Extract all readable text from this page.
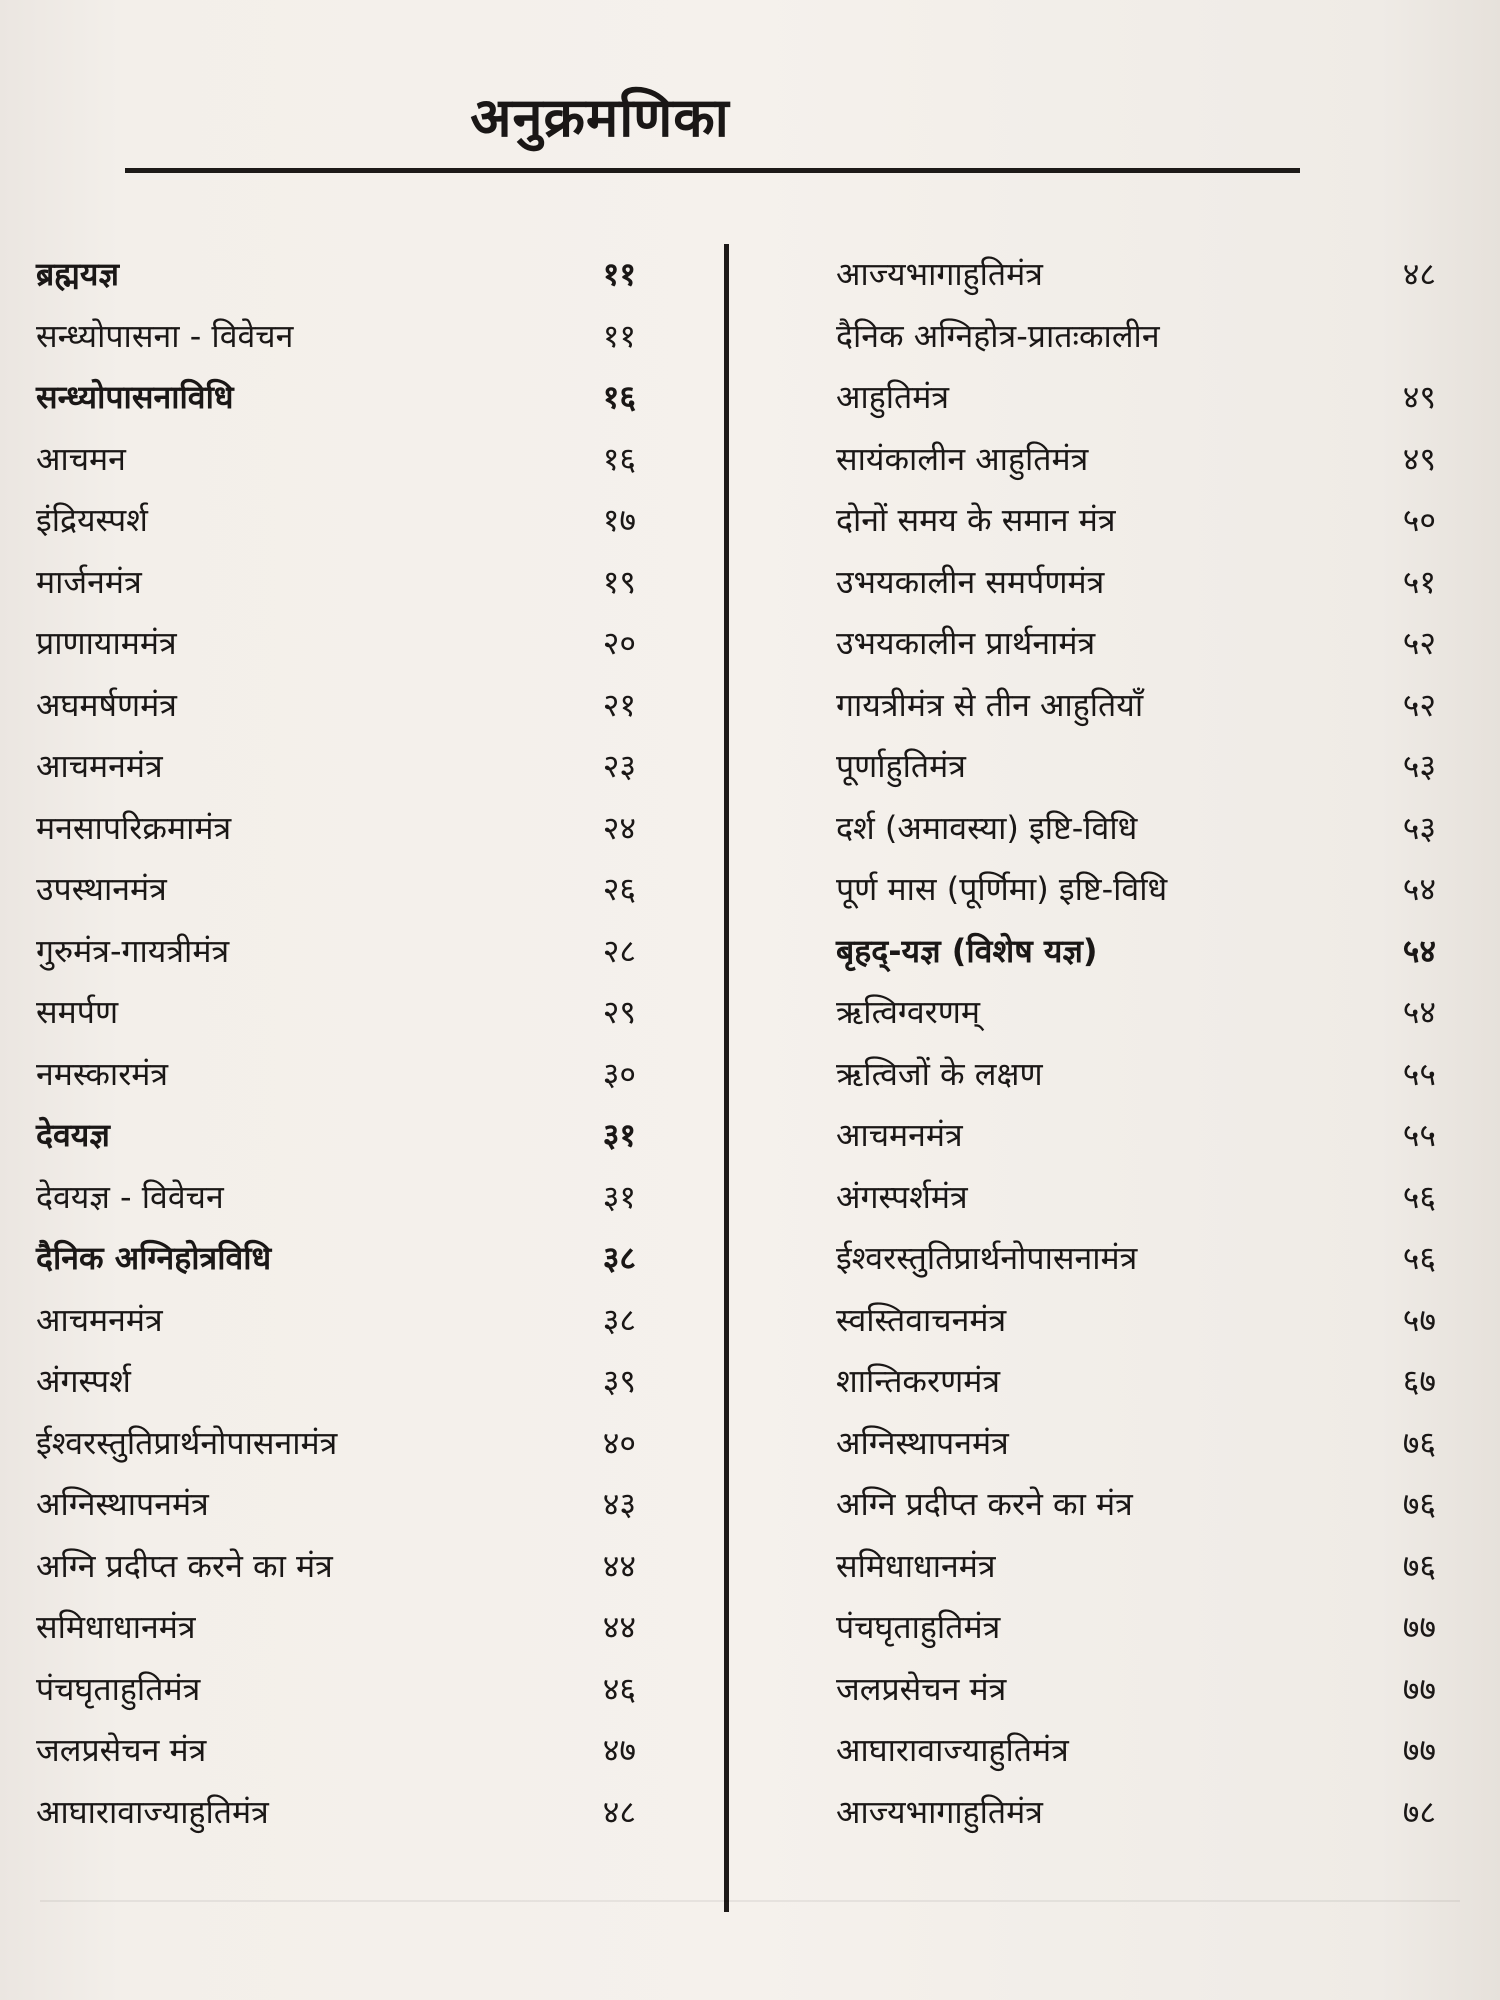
अनुक्रमणिका
ब्रह्मयज्ञ	११
सन्ध्योपासना - विवेचन	११
सन्ध्योपासनाविधि	१६
आचमन	१६
इंद्रियस्पर्श	१७
मार्जनमंत्र	१९
प्राणायाममंत्र	२०
अघमर्षणमंत्र	२१
आचमनमंत्र	२३
मनसापरिक्रमामंत्र	२४
उपस्थानमंत्र	२६
गुरुमंत्र-गायत्रीमंत्र	२८
समर्पण	२९
नमस्कारमंत्र	३०
देवयज्ञ	३१
देवयज्ञ - विवेचन	३१
दैनिक अग्निहोत्रविधि	३८
आचमनमंत्र	३८
अंगस्पर्श	३९
ईश्वरस्तुतिप्रार्थनोपासनामंत्र	४०
अग्निस्थापनमंत्र	४३
अग्नि प्रदीप्त करने का मंत्र	४४
समिधाधानमंत्र	४४
पंचघृताहुतिमंत्र	४६
जलप्रसेचन मंत्र	४७
आघारावाज्याहुतिमंत्र	४८
आज्यभागाहुतिमंत्र	४८
दैनिक अग्निहोत्र-प्रातःकालीन
आहुतिमंत्र	४९
सायंकालीन आहुतिमंत्र	४९
दोनों समय के समान मंत्र	५०
उभयकालीन समर्पणमंत्र	५१
उभयकालीन प्रार्थनामंत्र	५२
गायत्रीमंत्र से तीन आहुतियाँ	५२
पूर्णाहुतिमंत्र	५३
दर्श (अमावस्या) इष्टि-विधि	५३
पूर्ण मास (पूर्णिमा) इष्टि-विधि	५४
बृहद्-यज्ञ (विशेष यज्ञ)	५४
ऋत्विग्वरणम्	५४
ऋत्विजों के लक्षण	५५
आचमनमंत्र	५५
अंगस्पर्शमंत्र	५६
ईश्वरस्तुतिप्रार्थनोपासनामंत्र	५६
स्वस्तिवाचनमंत्र	५७
शान्तिकरणमंत्र	६७
अग्निस्थापनमंत्र	७६
अग्नि प्रदीप्त करने का मंत्र	७६
समिधाधानमंत्र	७६
पंचघृताहुतिमंत्र	७७
जलप्रसेचन मंत्र	७७
आघारावाज्याहुतिमंत्र	७७
आज्यभागाहुतिमंत्र	७८
